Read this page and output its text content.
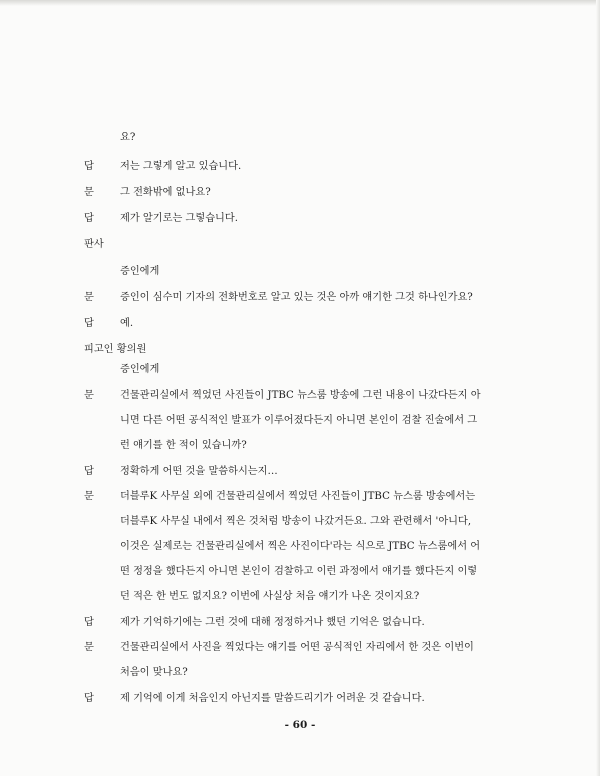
요?
답	저는 그렇게 알고 있습니다.
문	그 전화밖에 없나요?
답	제가 알기로는 그렇습니다.
판사
증인에게
문	증인이 심수미 기자의 전화번호로 알고 있는 것은 아까 얘기한 그것 하나인가요?
답	예.
피고인 황의원
증인에게
문	건물관리실에서 찍었던 사진들이 JTBC 뉴스룸 방송에 그런 내용이 나갔다든지 아
니면 다른 어떤 공식적인 발표가 이루어졌다든지 아니면 본인이 검찰 진술에서 그
런 얘기를 한 적이 있습니까?
답	정확하게 어떤 것을 말씀하시는지…
문	더블루K 사무실 외에 건물관리실에서 찍었던 사진들이 JTBC 뉴스룸 방송에서는
더블루K 사무실 내에서 찍은 것처럼 방송이 나갔거든요. 그와 관련해서 '아니다,
이것은 실제로는 건물관리실에서 찍은 사진이다'라는 식으로 JTBC 뉴스룸에서 어
떤 정정을 했다든지 아니면 본인이 검찰하고 이런 과정에서 얘기를 했다든지 이렇
던 적은 한 번도 없지요? 이번에 사실상 처음 얘기가 나온 것이지요?
답	제가 기억하기에는 그런 것에 대해 정정하거나 했던 기억은 없습니다.
문	건물관리실에서 사진을 찍었다는 얘기를 어떤 공식적인 자리에서 한 것은 이번이
처음이 맞나요?
답	제 기억에 이게 처음인지 아닌지를 말씀드리기가 어려운 것 같습니다.
- 60 -
